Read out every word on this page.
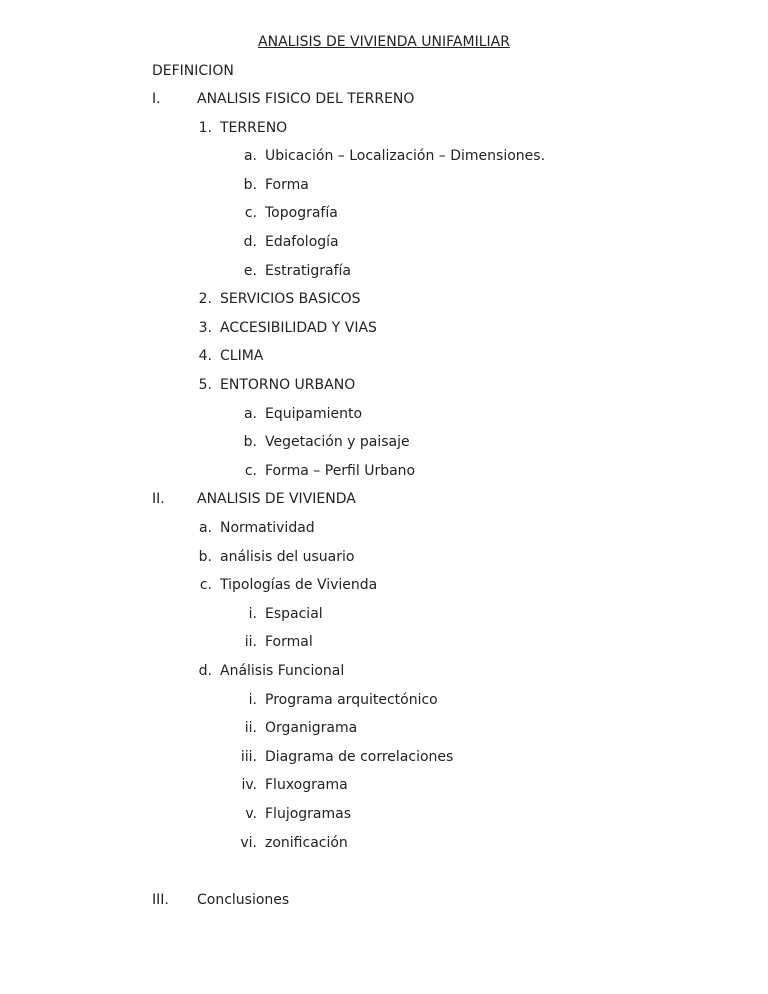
ANALISIS DE VIVIENDA UNIFAMILIAR
DEFINICION
I.	ANALISIS FISICO DEL TERRENO
1. TERRENO
a. Ubicación – Localización – Dimensiones.
b. Forma
c. Topografía
d. Edafología
e. Estratigrafía
2. SERVICIOS BASICOS
3. ACCESIBILIDAD Y VIAS
4. CLIMA
5. ENTORNO URBANO
a. Equipamiento
b. Vegetación y paisaje
c. Forma – Perfil Urbano
II. ANALISIS DE VIVIENDA
a. Normatividad
b. análisis del usuario
c. Tipologías de Vivienda
i. Espacial
ii. Formal
d. Análisis Funcional
i. Programa arquitectónico
ii. Organigrama
iii. Diagrama de correlaciones
iv. Fluxograma
v. Flujogramas
vi. zonificación
III. Conclusiones
